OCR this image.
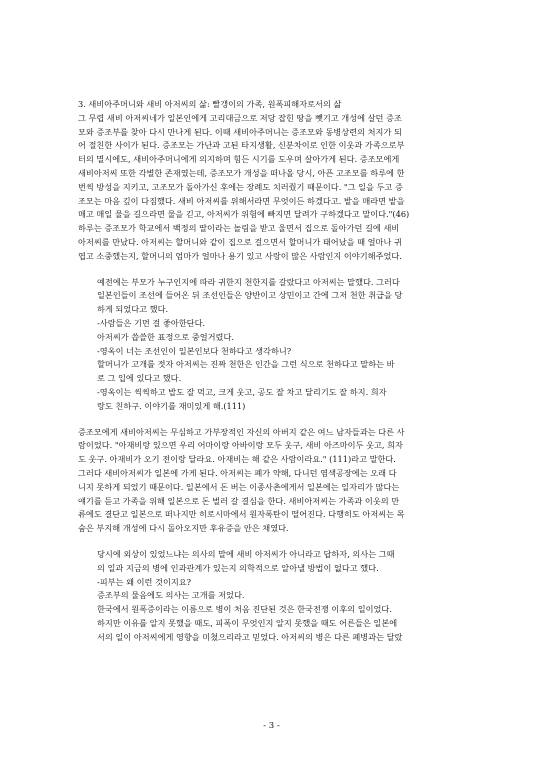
3. 새비아주머니와 새비 아저씨의 삶: 빨갱이의 가족, 원폭피해자로서의 삶

그 무렵 새비 아저씨네가 일본인에게 고리대금으로 저당 잡힌 땅을 뺏기고 개성에 살던 증조
모와 증조부를 찾아 다시 만나게 된다. 이때 새비아주머니는 증조모와 동병상련의 처지가 되
어 절친한 사이가 된다. 증조모는 가난과 고된 타지생활, 신분차이로 인한 이웃과 가족으로부
터의 멸시에도, 새비아주머니에게 의지하며 힘든 시기를 도우며 살아가게 된다. 증조모에게
새비아저씨 또한 각별한 존재였는데, 증조모가 개성을 떠나올 당시, 아픈 고조모를 하루에 한
번씩 방성을 지키고, 고조모가 돌아가신 후에는 장례도 치러줬기 때문이다. "그 일을 두고 증
조모는 마음 깊이 다짐했다. 새비 아저씨를 위해서라면 무엇이든 하겠다고. 밭을 매라면 밭을
매고 매일 물을 길으라면 물을 긷고, 아저씨가 위험에 빠지면 달려가 구하겠다고 말이다."(46)
하루는 증조모가 학교에서 백정의 딸이라는 놀림을 받고 울면서 집으로 돌아가던 길에 새비
아저씨를 만났다. 아저씨는 할머니와 같이 집으로 걸으면서 할머니가 태어났을 때 얼마나 귀
엽고 소중했는지, 할머니의 엄마가 얼마나 용기 있고 사랑이 많은 사람인지 이야기해주었다.
예전에는 부모가 누구인지에 따라 귀한지 천한지를 갈랐다고 아저씨는 말했다. 그러다
일본인들이 조선에 들어온 뒤 조선인들은 양반이고 상민이고 간에 그저 천한 취급을 당
하게 되었다고 했다.
-사람들은 기먼 걸 좋아한단다.
아저씨가 씁쓸한 표정으로 중얼거렸다.
-영옥이 너는 조선인이 일본인보다 천하다고 생각하니?
할머니가 고개를 젓자 아저씨는 진짜 천한은 인간을 그런 식으로 천하다고 말하는 바
로 그 입에 있다고 했다.
-영옥이는 씩씩하고 밥도 잘 먹고, 크게 웃고, 공도 잘 차고 달리기도 잘 하지. 희자
랑도 친하구. 이야기를 재미있게 해.(111)
증조모에게 새비아저씨는 무심하고 가부장적인 자신의 아버지 같은 여느 남자들과는 다른 사
람이었다. "아재비랑 있으면 우리 어마이랑 아바이랑 모두 웃구, 새비 아즈마이두 웃고, 희자
도 웃구. 아재비가 오기 전이랑 달라요. 아재비는 해 같은 사람이라요." (111)라고 말한다.
그러다 새비아저씨가 일본에 가게 된다. 아저씨는 폐가 약해, 다니던 염색공장에는 오래 다
니지 못하게 되었기 때문이다. 일본에서 돈 버는 이종사촌에게서 일본에는 일자리가 많다는
얘기를 듣고 가족을 위해 일본으로 돈 벌러 갈 결심을 한다. 새비아저씨는 가족과 이웃의 만
류에도 결단고 일본으로 떠나지만 히로시마에서 원자폭탄이 떨어진다. 다행히도 아저씨는 목
숨은 부지해 개성에 다시 돌아오지만 후유증을 안은 채였다.
당시에 외상이 있었느냐는 의사의 말에 새비 아저씨가 아니라고 답하자, 의사는 그때
의 일과 지금의 병에 인과관계가 있는지 의학적으로 알아낼 방법이 없다고 했다.
-피부는 왜 이런 것이지요?
증조부의 물음에도 의사는 고개를 저었다.
한국에서 원폭증이라는 이름으로 병이 처음 진단된 것은 한국전쟁 이후의 일이었다.
하지만 이유를 알지 못했을 때도, 피폭이 무엇인지 알지 못했을 때도 어른들은 일본에
서의 일이 아저씨에게 영향을 미쳤으리라고 믿었다. 아저씨의 병은 다른 폐병과는 달랐
- 3 -
